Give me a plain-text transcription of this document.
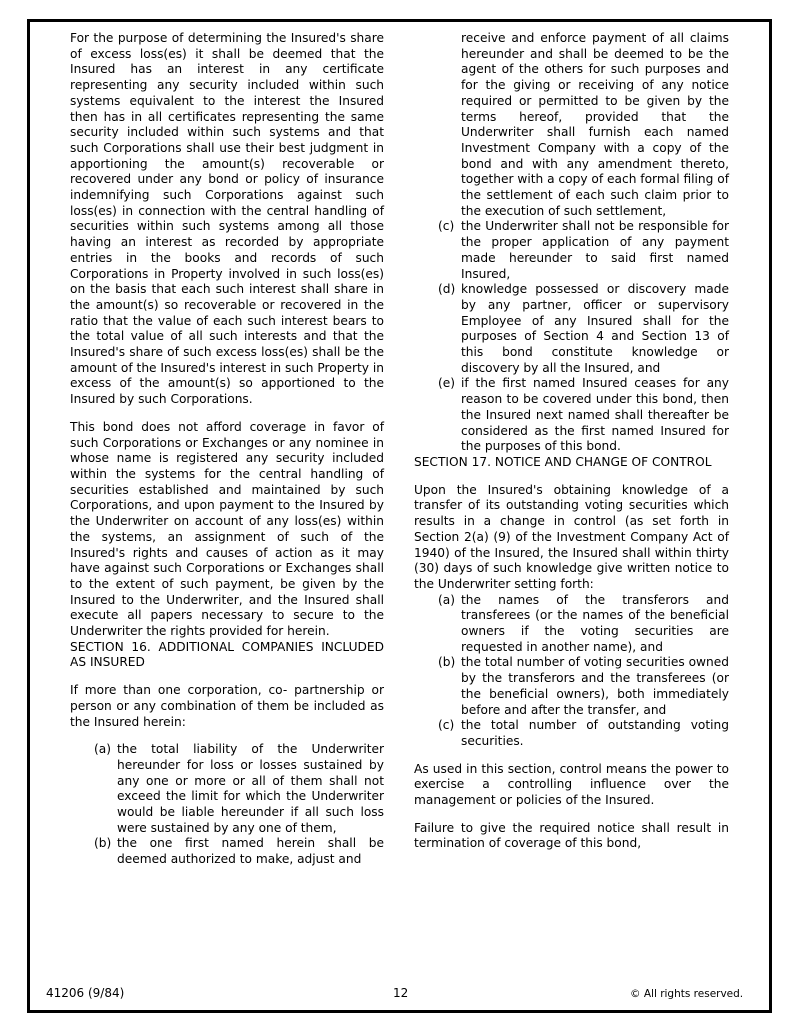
For the purpose of determining the Insured's share of excess loss(es) it shall be deemed that the Insured has an interest in any certificate representing any security included within such systems equivalent to the interest the Insured then has in all certificates representing the same security included within such systems and that such Corporations shall use their best judgment in apportioning the amount(s) recoverable or recovered under any bond or policy of insurance indemnifying such Corporations against such loss(es) in connection with the central handling of securities within such systems among all those having an interest as recorded by appropriate entries in the books and records of such Corporations in Property involved in such loss(es) on the basis that each such interest shall share in the amount(s) so recoverable or recovered in the ratio that the value of each such interest bears to the total value of all such interests and that the Insured's share of such excess loss(es) shall be the amount of the Insured's interest in such Property in excess of the amount(s) so apportioned to the Insured by such Corporations.

This bond does not afford coverage in favor of such Corporations or Exchanges or any nominee in whose name is registered any security included within the systems for the central handling of securities established and maintained by such Corporations, and upon payment to the Insured by the Underwriter on account of any loss(es) within the systems, an assignment of such of the Insured's rights and causes of action as it may have against such Corporations or Exchanges shall to the extent of such payment, be given by the Insured to the Underwriter, and the Insured shall execute all papers necessary to secure to the Underwriter the rights provided for herein.

SECTION 16. ADDITIONAL COMPANIES INCLUDED AS INSURED

If more than one corporation, co- partnership or person or any combination of them be included as the Insured herein:

(a) the total liability of the Underwriter hereunder for loss or losses sustained by any one or more or all of them shall not exceed the limit for which the Underwriter would be liable hereunder if all such loss were sustained by any one of them,
(b) the one first named herein shall be deemed authorized to make, adjust and

receive and enforce payment of all claims hereunder and shall be deemed to be the agent of the others for such purposes and for the giving or receiving of any notice required or permitted to be given by the terms hereof, provided that the Underwriter shall furnish each named Investment Company with a copy of the bond and with any amendment thereto, together with a copy of each formal filing of the settlement of each such claim prior to the execution of such settlement,

(c) the Underwriter shall not be responsible for the proper application of any payment made hereunder to said first named Insured,
(d) knowledge possessed or discovery made by any partner, officer or supervisory Employee of any Insured shall for the purposes of Section 4 and Section 13 of this bond constitute knowledge or discovery by all the Insured, and
(e) if the first named Insured ceases for any reason to be covered under this bond, then the Insured next named shall thereafter be considered as the first named Insured for the purposes of this bond.

SECTION 17. NOTICE AND CHANGE OF CONTROL

Upon the Insured's obtaining knowledge of a transfer of its outstanding voting securities which results in a change in control (as set forth in Section 2(a) (9) of the Investment Company Act of 1940) of the Insured, the Insured shall within thirty (30) days of such knowledge give written notice to the Underwriter setting forth:

(a) the names of the transferors and transferees (or the names of the beneficial owners if the voting securities are requested in another name), and
(b) the total number of voting securities owned by the transferors and the transferees (or the beneficial owners), both immediately before and after the transfer, and
(c) the total number of outstanding voting securities.

As used in this section, control means the power to exercise a controlling influence over the management or policies of the Insured.

Failure to give the required notice shall result in termination of coverage of this bond,

41206 (9/84)	12	© All rights reserved.
